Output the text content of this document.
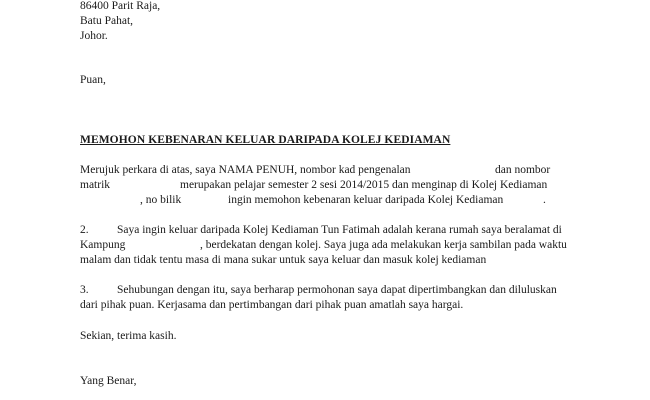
86400 Parit Raja,
Batu Pahat,
Johor.
Puan,
MEMOHON KEBENARAN KELUAR DARIPADA KOLEJ KEDIAMAN
Merujuk perkara di atas, saya NAMA PENUH, nombor kad pengenalan	dan nombor
matrik	merupakan pelajar semester 2 sesi 2014/2015 dan menginap di Kolej Kediaman
, no bilik	ingin memohon kebenaran keluar daripada Kolej Kediaman	.
2. Saya ingin keluar daripada Kolej Kediaman Tun Fatimah adalah kerana rumah saya beralamat di
Kampung	, berdekatan dengan kolej. Saya juga ada melakukan kerja sambilan pada waktu
malam dan tidak tentu masa di mana sukar untuk saya keluar dan masuk kolej kediaman
3. Sehubungan dengan itu, saya berharap permohonan saya dapat dipertimbangkan dan diluluskan
dari pihak puan. Kerjasama dan pertimbangan dari pihak puan amatlah saya hargai.
Sekian, terima kasih.
Yang Benar,
